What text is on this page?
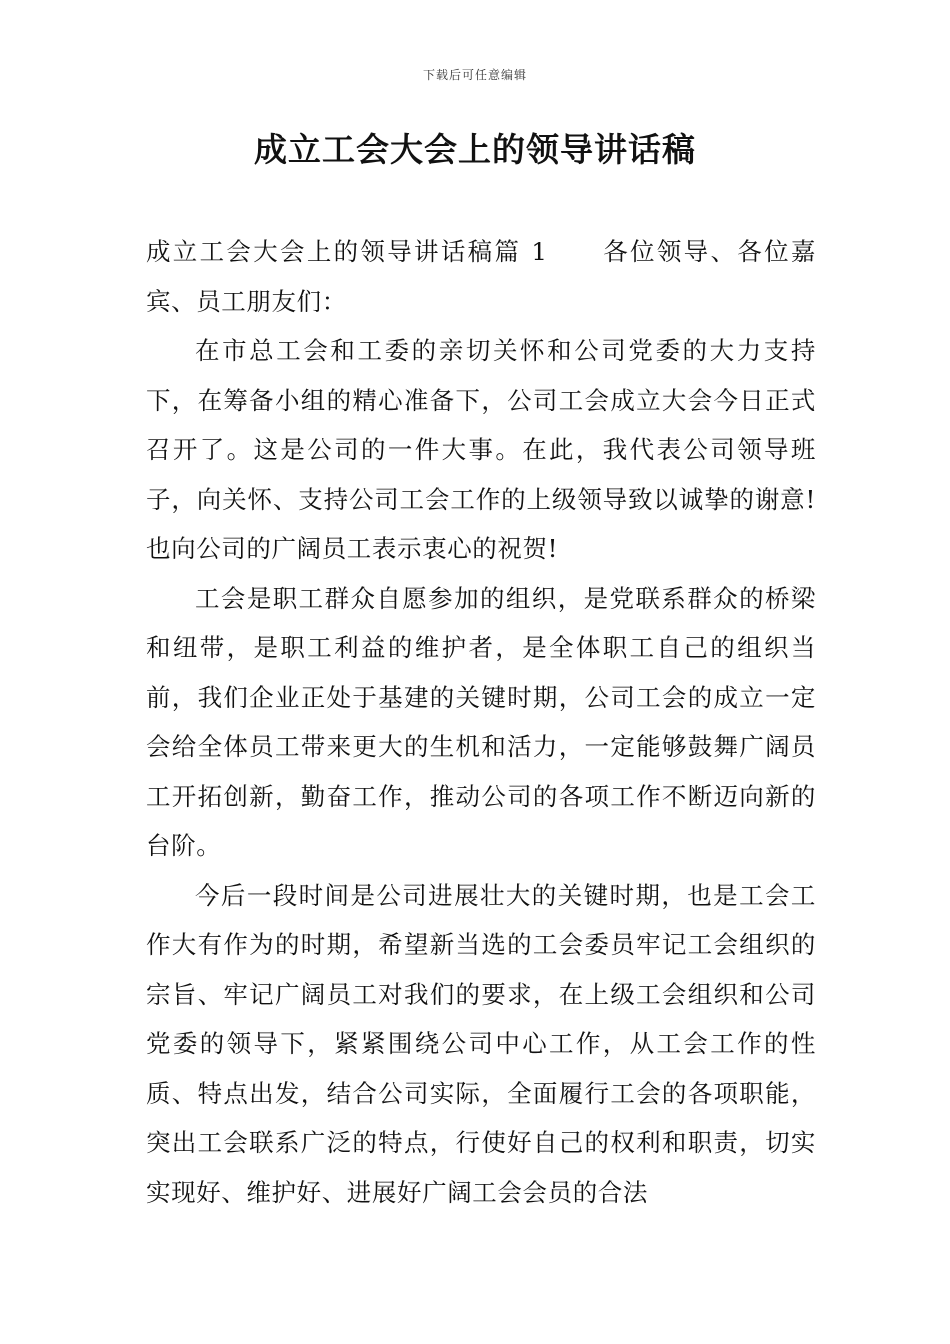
下载后可任意编辑
成立工会大会上的领导讲话稿

成立工会大会上的领导讲话稿篇 1 各位领导、各位嘉宾、员工朋友们：

在市总工会和工委的亲切关怀和公司党委的大力支持下，在筹备小组的精心准备下，公司工会成立大会今日正式召开了。这是公司的一件大事。在此，我代表公司领导班子，向关怀、支持公司工会工作的上级领导致以诚挚的谢意!也向公司的广阔员工表示衷心的祝贺!

工会是职工群众自愿参加的组织，是党联系群众的桥梁和纽带，是职工利益的维护者，是全体职工自己的组织当前，我们企业正处于基建的关键时期，公司工会的成立一定会给全体员工带来更大的生机和活力，一定能够鼓舞广阔员工开拓创新，勤奋工作，推动公司的各项工作不断迈向新的台阶。

今后一段时间是公司进展壮大的关键时期，也是工会工作大有作为的时期，希望新当选的工会委员牢记工会组织的宗旨、牢记广阔员工对我们的要求，在上级工会组织和公司党委的领导下，紧紧围绕公司中心工作，从工会工作的性质、特点出发，结合公司实际，全面履行工会的各项职能，突出工会联系广泛的特点，行使好自己的权利和职责，切实实现好、维护好、进展好广阔工会会员的合法
